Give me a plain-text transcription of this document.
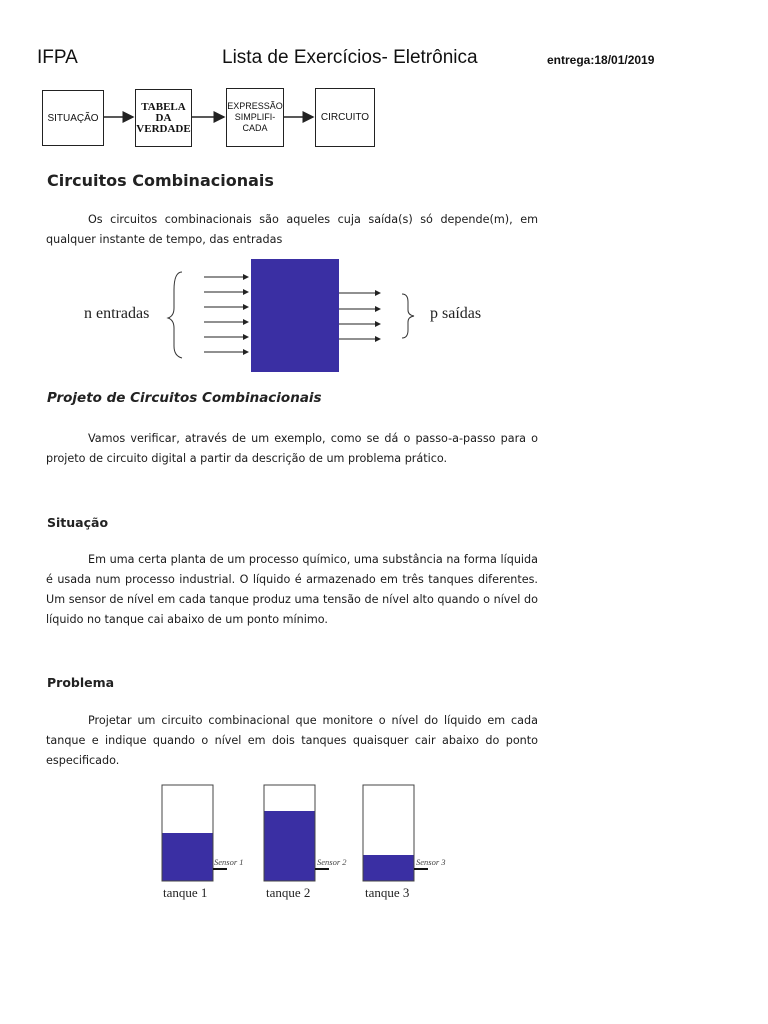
IFPA	Lista de Exercícios- Eletrônica	entrega:18/01/2019
SITUAÇÃO
TABELA
DA
VERDADE
EXPRESSÃO
SIMPLIFI-
CADA
CIRCUITO
Circuitos Combinacionais
Os circuitos combinacionais são aqueles cuja saída(s) só depende(m), em qualquer instante de tempo, das entradas
n entradas	p saídas
Projeto de Circuitos Combinacionais
Vamos verificar, através de um exemplo, como se dá o passo-a-passo para o projeto de circuito digital a partir da descrição de um problema prático.
Situação
Em uma certa planta de um processo químico, uma substância na forma líquida é usada num processo industrial. O líquido é armazenado em três tanques diferentes. Um sensor de nível em cada tanque produz uma tensão de nível alto quando o nível do líquido no tanque cai abaixo de um ponto mínimo.
Problema
Projetar um circuito combinacional que monitore o nível do líquido em cada tanque e indique quando o nível em dois tanques quaisquer cair abaixo do ponto especificado.
tanque 1	tanque 2	tanque 3
Sensor 1	Sensor 2	Sensor 3
